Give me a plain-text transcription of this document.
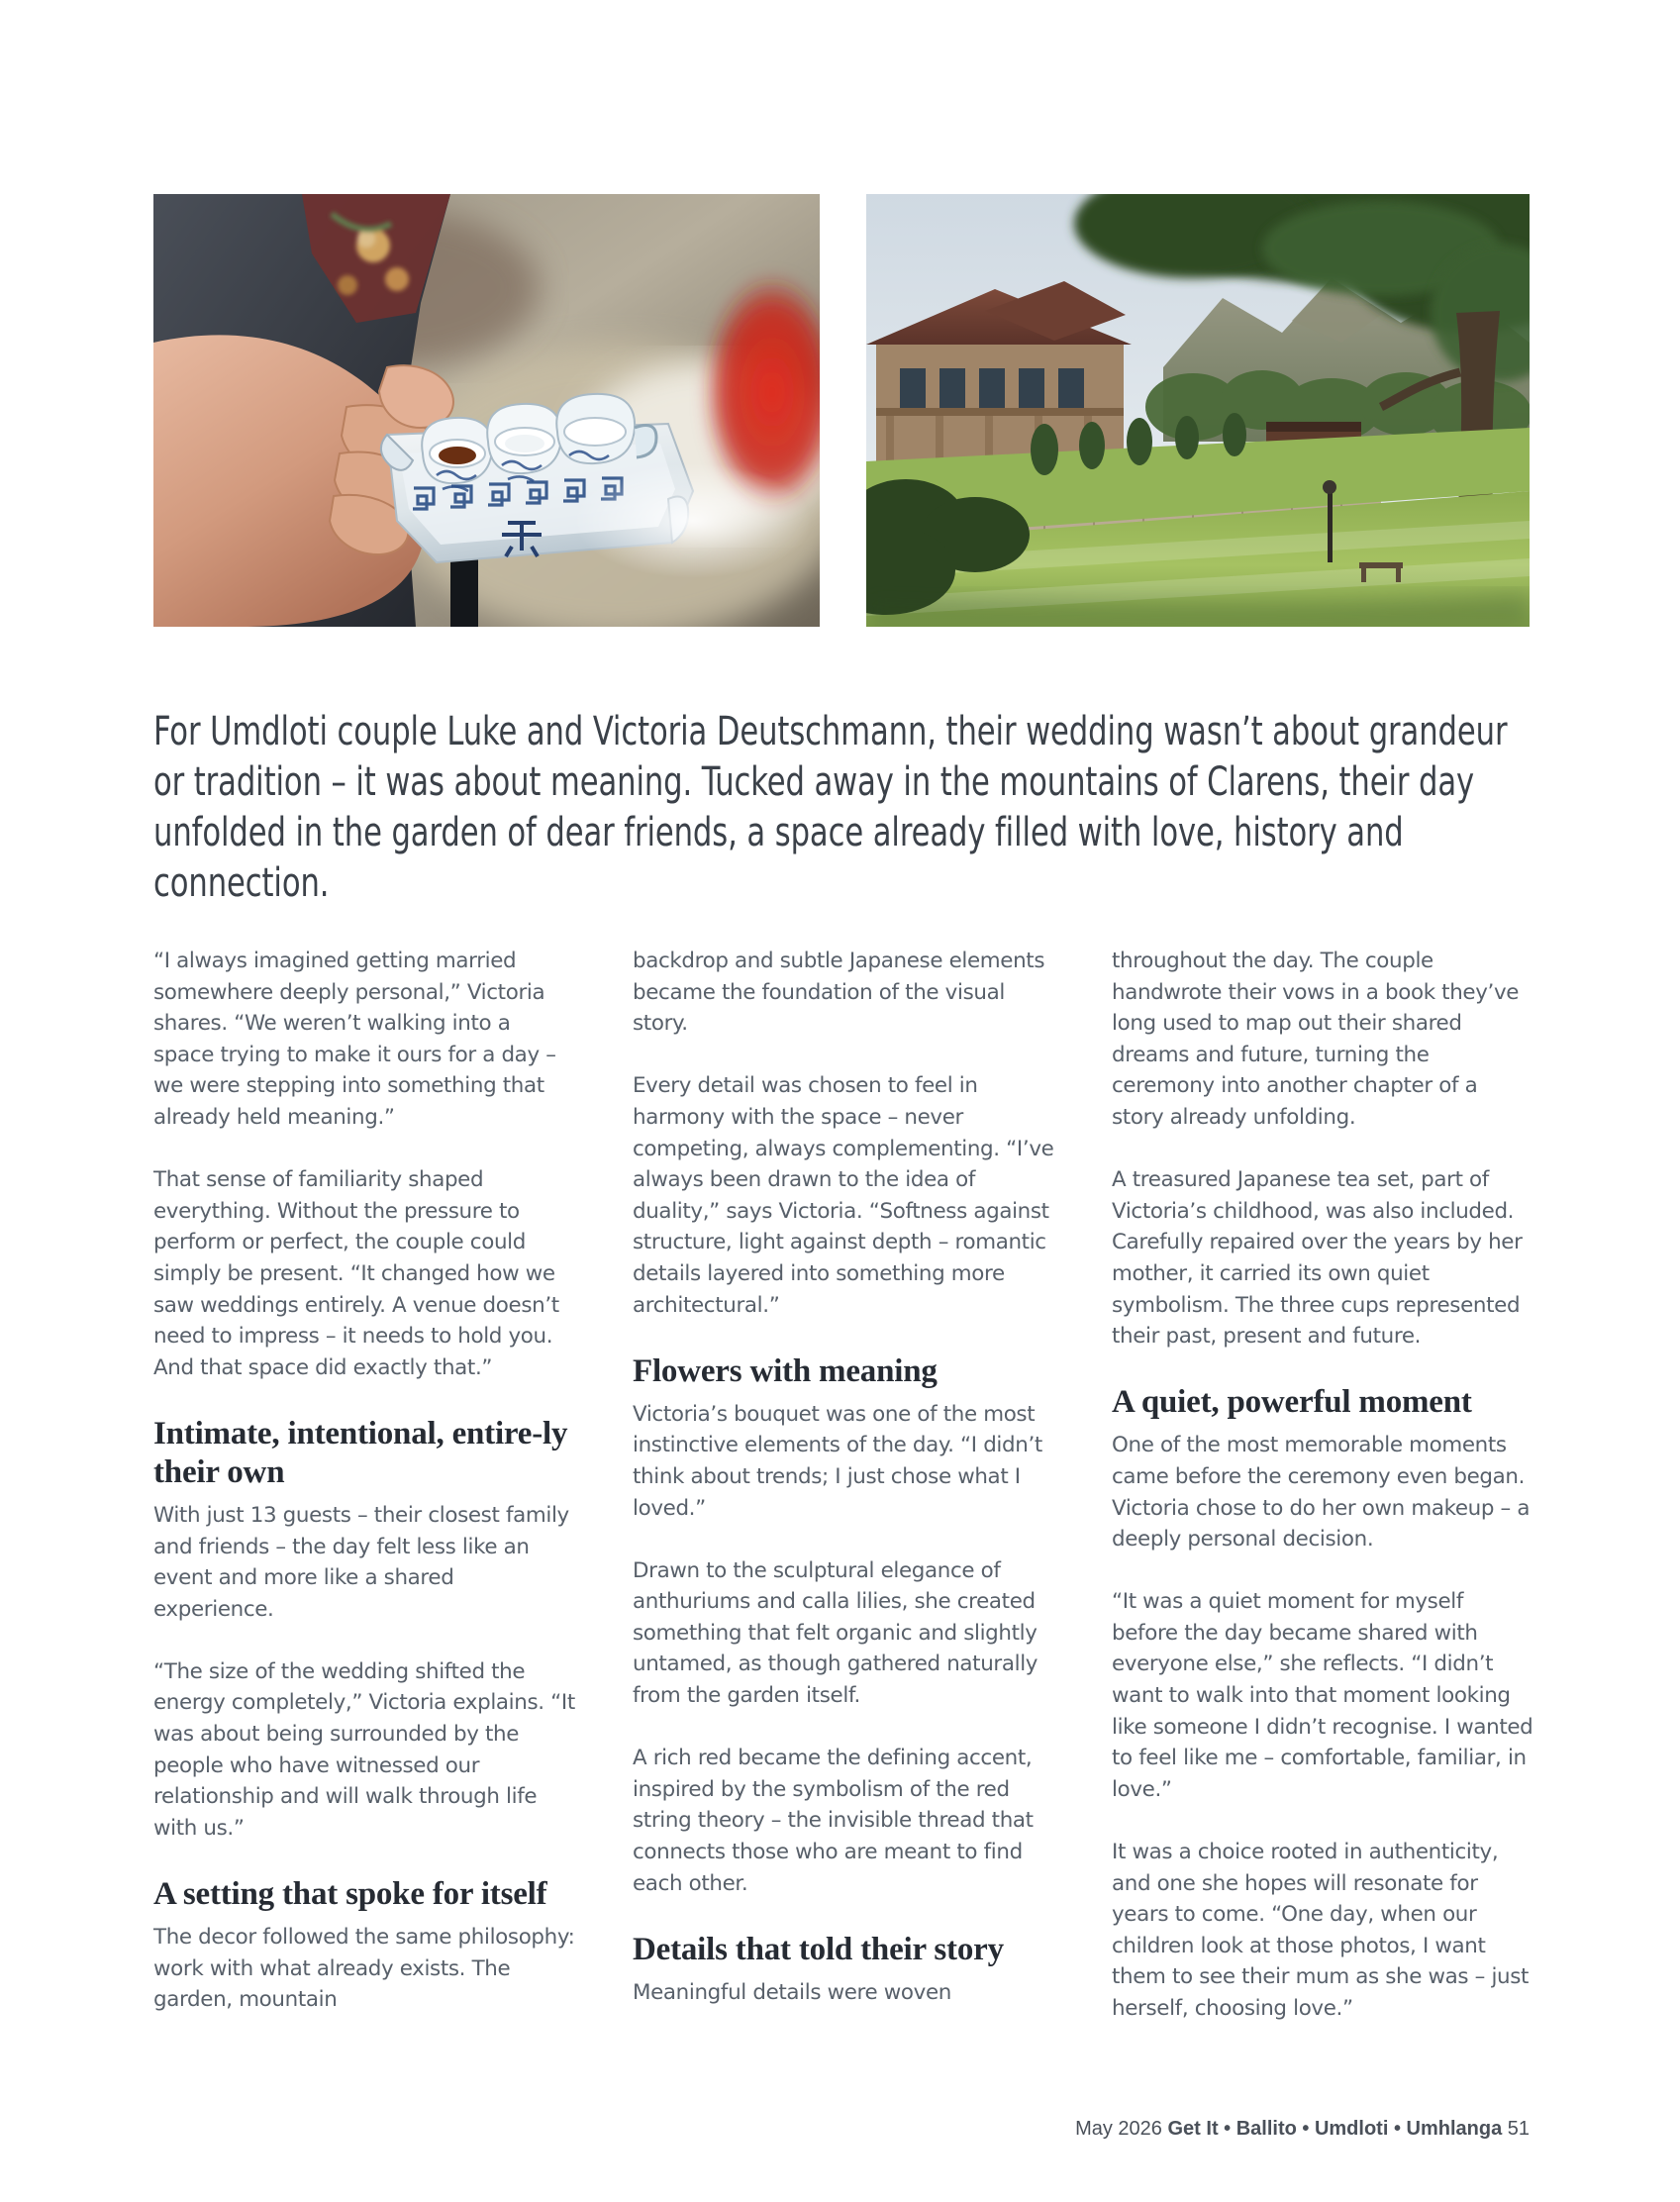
For Umdloti couple Luke and Victoria Deutschmann, their wedding wasn’t about grandeur or tradition – it was about meaning. Tucked away in the mountains of Clarens, their day unfolded in the garden of dear friends, a space already filled with love, history and connection.

“I always imagined getting married somewhere deeply personal,” Victoria shares. “We weren’t walking into a space trying to make it ours for a day – we were stepping into something that already held meaning.”

That sense of familiarity shaped everything. Without the pressure to perform or perfect, the couple could simply be present. “It changed how we saw weddings entirely. A venue doesn’t need to impress – it needs to hold you. And that space did exactly that.”

Intimate, intentional, entire-ly their own

With just 13 guests – their closest family and friends – the day felt less like an event and more like a shared experience.

“The size of the wedding shifted the energy completely,” Victoria explains. “It was about being surrounded by the people who have witnessed our relationship and will walk through life with us.”

A setting that spoke for itself

The decor followed the same philosophy: work with what already exists. The garden, mountain

backdrop and subtle Japanese elements became the foundation of the visual story.

Every detail was chosen to feel in harmony with the space – never competing, always complementing. “I’ve always been drawn to the idea of duality,” says Victoria. “Softness against structure, light against depth – romantic details layered into something more architectural.”

Flowers with meaning

Victoria’s bouquet was one of the most instinctive elements of the day. “I didn’t think about trends; I just chose what I loved.”

Drawn to the sculptural elegance of anthuriums and calla lilies, she created something that felt organic and slightly untamed, as though gathered naturally from the garden itself.

A rich red became the defining accent, inspired by the symbolism of the red string theory – the invisible thread that connects those who are meant to find each other.

Details that told their story

Meaningful details were woven

throughout the day. The couple handwrote their vows in a book they’ve long used to map out their shared dreams and future, turning the ceremony into another chapter of a story already unfolding.

A treasured Japanese tea set, part of Victoria’s childhood, was also included. Carefully repaired over the years by her mother, it carried its own quiet symbolism. The three cups represented their past, present and future.

A quiet, powerful moment

One of the most memorable moments came before the ceremony even began. Victoria chose to do her own makeup – a deeply personal decision.

“It was a quiet moment for myself before the day became shared with everyone else,” she reflects. “I didn’t want to walk into that moment looking like someone I didn’t recognise. I wanted to feel like me – comfortable, familiar, in love.”

It was a choice rooted in authenticity, and one she hopes will resonate for years to come. “One day, when our children look at those photos, I want them to see their mum as she was – just herself, choosing love.”

May 2026 Get It • Ballito • Umdloti • Umhlanga 51
